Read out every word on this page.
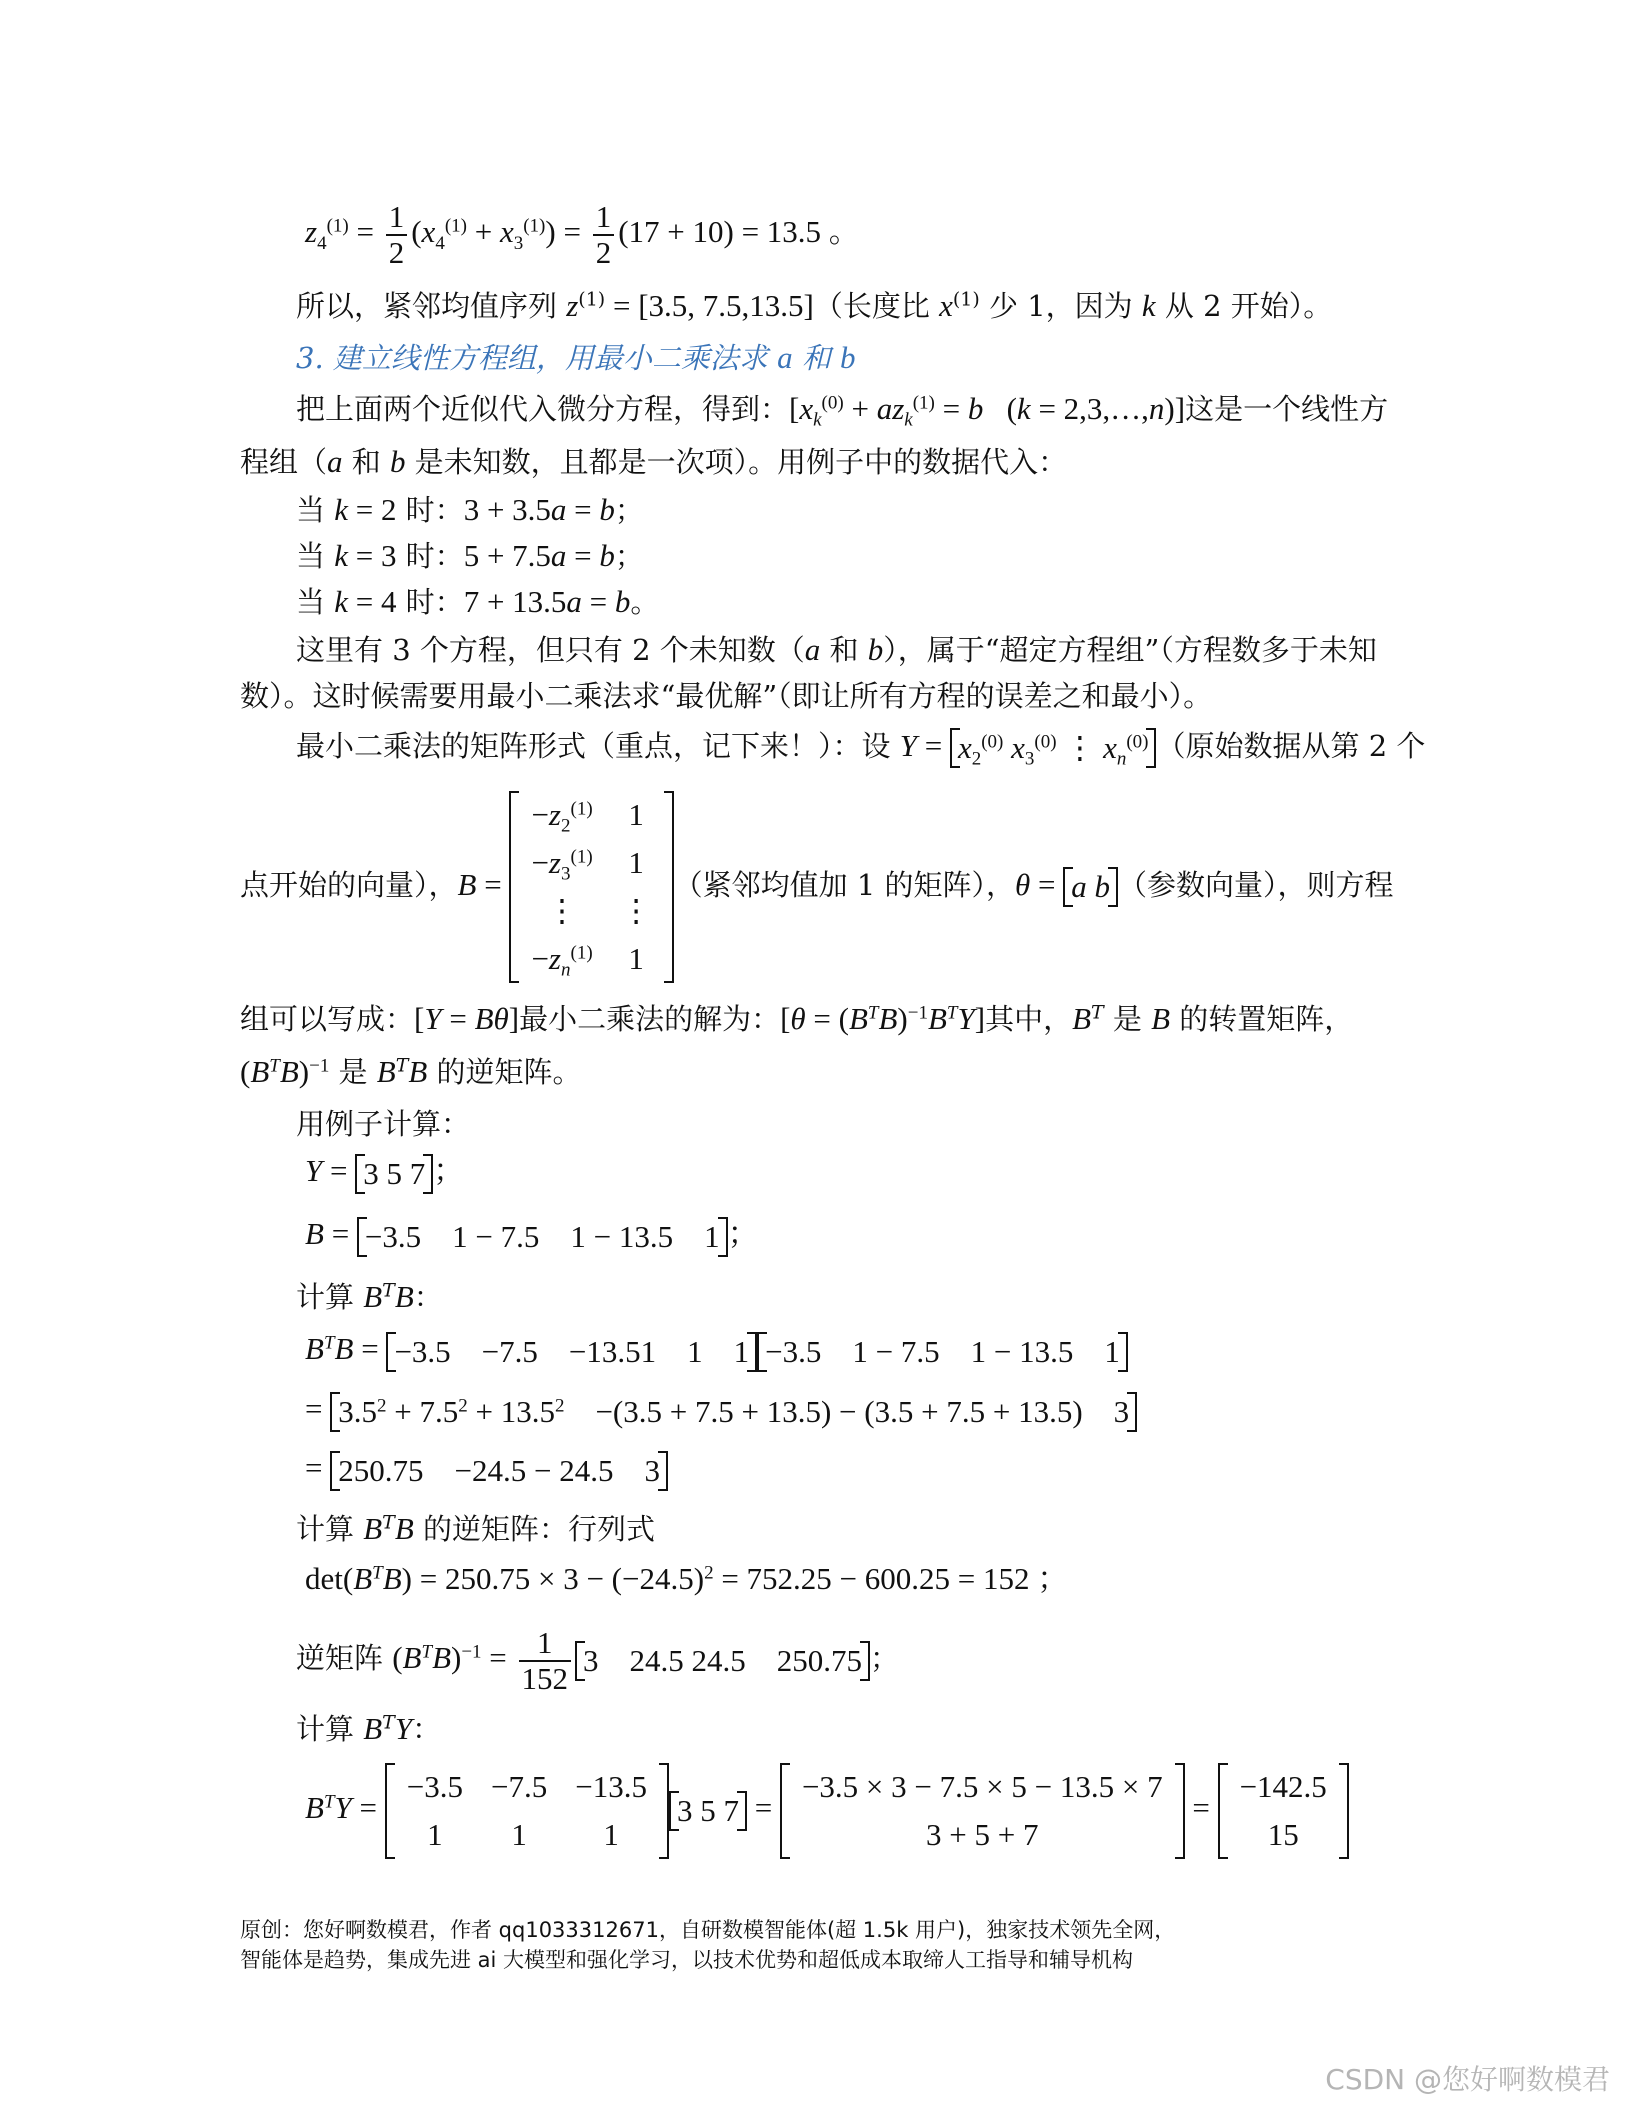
$z_4^{(1)} = \frac{1}{2} (x_4^{(1)} + x_3^{(1)}) = \frac{1}{2} (17 + 10) = 13.5$ 。
所以，紧邻均值序列 $z^{(1)} = [3.5$, 7.5,13.5]（长度比 $x^{(1)}$ 少 1，因为 k 从 2 开始）。
3. 建立线性方程组，用最小二乘法求 a 和 b
把上面两个近似代入微分方程，得到：[$x_k^{(0)} + az_k^{(1)} = b$   (k = 2,3,…,n)]这是一个线性方
程组（a 和 b 是未知数，且都是一次项）。用例子中的数据代入：
当 k = 2 时：3 + 3.5a = b；
当 k = 3 时：5 + 7.5a = b；
当 k = 4 时：7 + 13.5a = b。
这里有 3 个方程，但只有 2 个未知数（a 和 b），属于“超定方程组”（方程数多于未知
数）。这时候需要用最小二乘法求“最优解”（即让所有方程的误差之和最小）。
最小二乘法的矩阵形式（重点，记下来！）：设 $Y = x_2^{(0)}$ $x_3^{(0)}$ ⋮ $x_n^{(0)}$ （原始数据从第 2 个
点开始的向量），B =
$-z_2^{(1)}$	1
$-z_3^{(1)}$	1
⋮	⋮
$-z_n^{(1)}$	1
（紧邻均值加 1 的矩阵），θ = a b （参数向量），则方程
组可以写成：[Y = Bθ]最小二乘法的解为：$[\theta = (B^TB)^{-1}B^TY]$其中，$B^T$ 是 B 的转置矩阵，
$(B^TB)^{-1}$ 是 $B^TB$ 的逆矩阵。
用例子计算：
Y = 3 5 7 ；
B = −3.5    1 − 7.5    1 − 13.5    1 ；
计算 $B^TB$：
$B^TB = -3.5$    −7.5    −13.51    1    1 −3.5    1 − 7.5    1 − 13.5    1
= $3.5^2 + 7.5^2 + 13.5^2$    −(3.5 + 7.5 + 13.5) − (3.5 + 7.5 + 13.5)    3
= 250.75    −24.5 − 24.5    3
计算 $B^TB$ 的逆矩阵：行列式
$\det(B^TB) = 250.75 \times 3 - (-24.5)^2 = 752.25 - 600.25 = 152$ ；
逆矩阵 $(B^TB)^{-1} = \frac{1}{152} 3$    24.5 24.5    250.75 ；
计算 $B^TY$：
$B^TY$ =
−3.5	−7.5	−13.5
1	1	1
3 5 7 =
−3.5 × 3 − 7.5 × 5 − 13.5 × 7
3 + 5 + 7
=
−142.5
15
原创：您好啊数模君，作者 qq1033312671，自研数模智能体(超 1.5k 用户)，独家技术领先全网，
智能体是趋势，集成先进 ai 大模型和强化学习，以技术优势和超低成本取缔人工指导和辅导机构
CSDN @您好啊数模君
